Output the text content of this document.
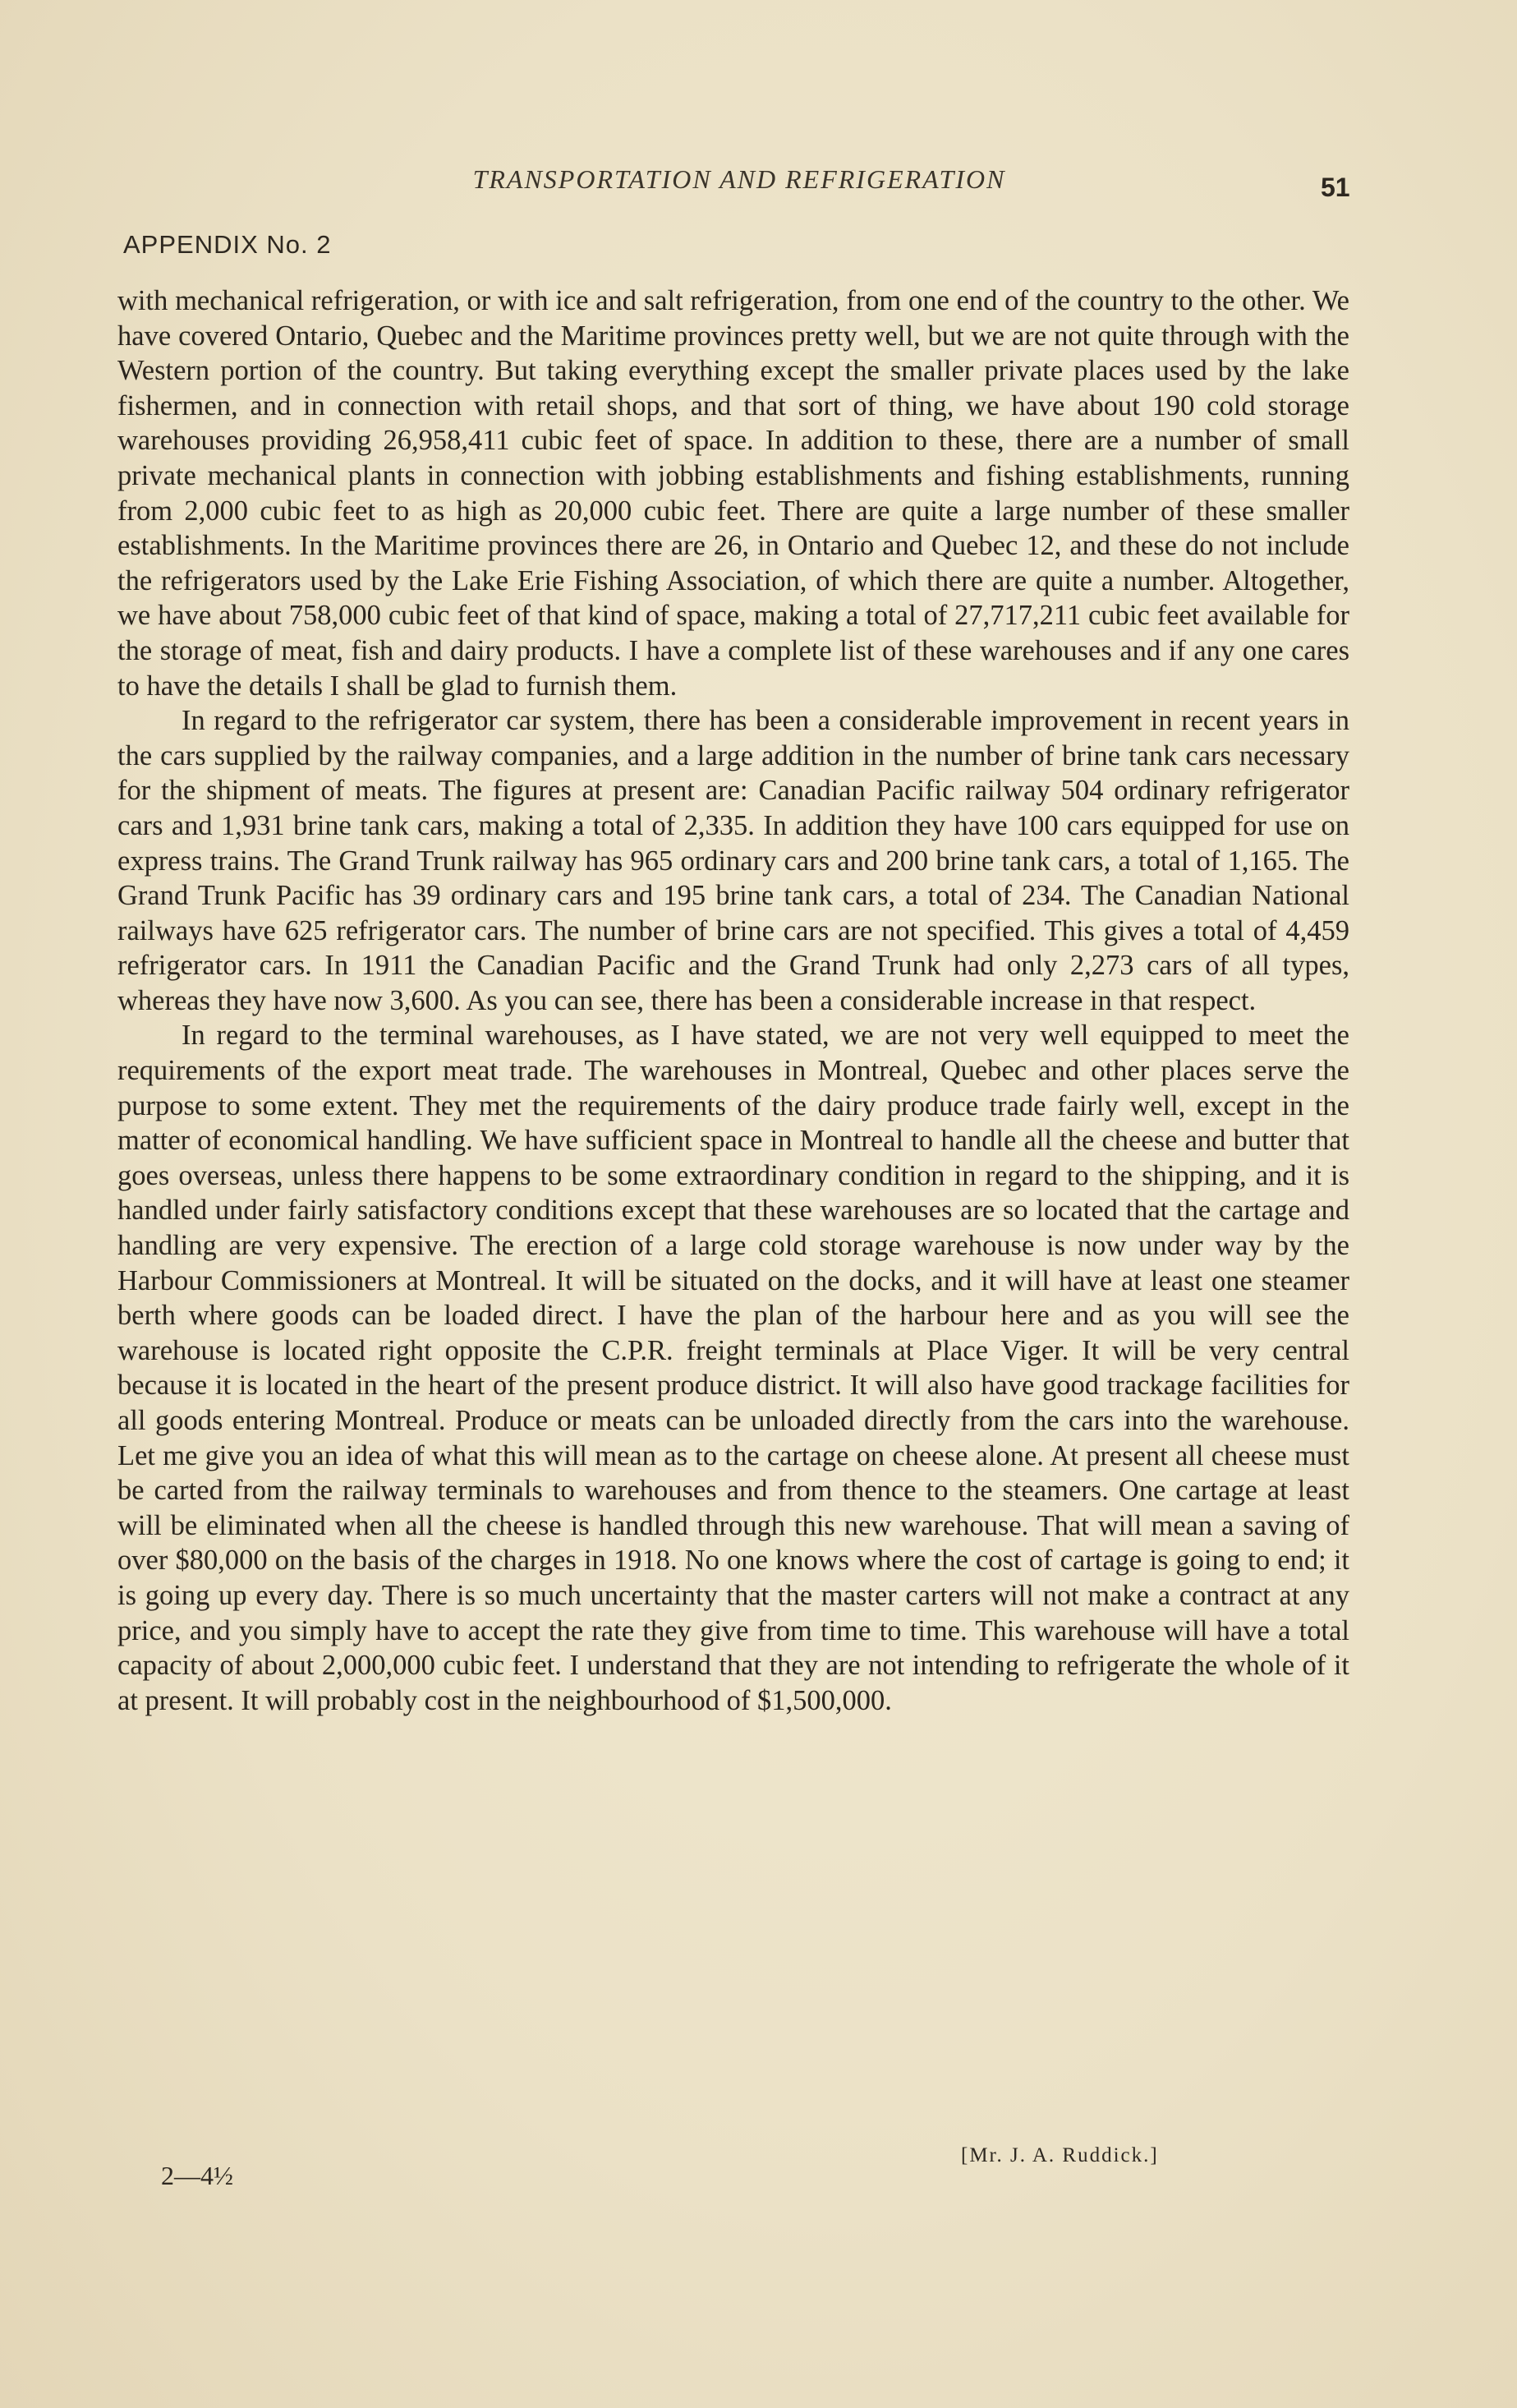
TRANSPORTATION AND REFRIGERATION	51
APPENDIX No. 2

with mechanical refrigeration, or with ice and salt refrigeration, from one end of the country to the other. We have covered Ontario, Quebec and the Maritime provinces pretty well, but we are not quite through with the Western portion of the country. But taking everything except the smaller private places used by the lake fishermen, and in connection with retail shops, and that sort of thing, we have about 190 cold storage warehouses providing 26,958,411 cubic feet of space. In addition to these, there are a number of small private mechanical plants in connection with jobbing establishments and fishing establishments, running from 2,000 cubic feet to as high as 20,000 cubic feet. There are quite a large number of these smaller establishments. In the Maritime provinces there are 26, in Ontario and Quebec 12, and these do not include the refrigerators used by the Lake Erie Fishing Association, of which there are quite a number. Altogether, we have about 758,000 cubic feet of that kind of space, making a total of 27,717,211 cubic feet available for the storage of meat, fish and dairy products. I have a complete list of these warehouses and if any one cares to have the details I shall be glad to furnish them.

In regard to the refrigerator car system, there has been a considerable improvement in recent years in the cars supplied by the railway companies, and a large addition in the number of brine tank cars necessary for the shipment of meats. The figures at present are: Canadian Pacific railway 504 ordinary refrigerator cars and 1,931 brine tank cars, making a total of 2,335. In addition they have 100 cars equipped for use on express trains. The Grand Trunk railway has 965 ordinary cars and 200 brine tank cars, a total of 1,165. The Grand Trunk Pacific has 39 ordinary cars and 195 brine tank cars, a total of 234. The Canadian National railways have 625 refrigerator cars. The number of brine cars are not specified. This gives a total of 4,459 refrigerator cars. In 1911 the Canadian Pacific and the Grand Trunk had only 2,273 cars of all types, whereas they have now 3,600. As you can see, there has been a considerable increase in that respect.

In regard to the terminal warehouses, as I have stated, we are not very well equipped to meet the requirements of the export meat trade. The warehouses in Montreal, Quebec and other places serve the purpose to some extent. They met the requirements of the dairy produce trade fairly well, except in the matter of economical handling. We have sufficient space in Montreal to handle all the cheese and butter that goes overseas, unless there happens to be some extraordinary condition in regard to the shipping, and it is handled under fairly satisfactory conditions except that these warehouses are so located that the cartage and handling are very expensive. The erection of a large cold storage warehouse is now under way by the Harbour Commissioners at Montreal. It will be situated on the docks, and it will have at least one steamer berth where goods can be loaded direct. I have the plan of the harbour here and as you will see the warehouse is located right opposite the C.P.R. freight terminals at Place Viger. It will be very central because it is located in the heart of the present produce district. It will also have good trackage facilities for all goods entering Montreal. Produce or meats can be unloaded directly from the cars into the warehouse. Let me give you an idea of what this will mean as to the cartage on cheese alone. At present all cheese must be carted from the railway terminals to warehouses and from thence to the steamers. One cartage at least will be eliminated when all the cheese is handled through this new warehouse. That will mean a saving of over $80,000 on the basis of the charges in 1918. No one knows where the cost of cartage is going to end; it is going up every day. There is so much uncertainty that the master carters will not make a contract at any price, and you simply have to accept the rate they give from time to time. This warehouse will have a total capacity of about 2,000,000 cubic feet. I understand that they are not intending to refrigerate the whole of it at present. It will probably cost in the neighbourhood of $1,500,000.

[Mr. J. A. Ruddick.]
2—4½
